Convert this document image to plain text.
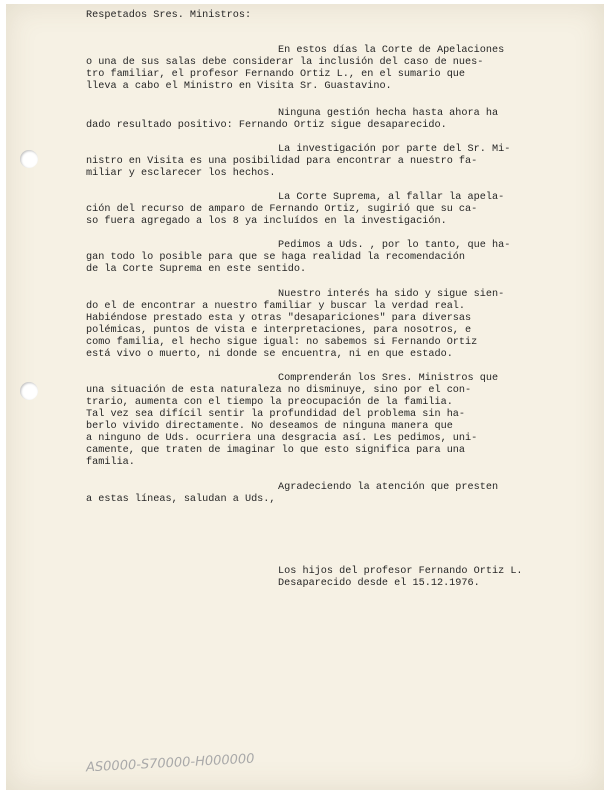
Respetados Sres. Ministros:
En estos días la Corte de Apelaciones
o una de sus salas debe considerar la inclusión del caso de nues-
tro familiar, el profesor Fernando Ortiz L., en el sumario que
lleva a cabo el Ministro en Visita Sr. Guastavino.
Ninguna gestión hecha hasta ahora ha
dado resultado positivo: Fernando Ortiz sigue desaparecido.
La investigación por parte del Sr. Mi-
nistro en Visita es una posibilidad para encontrar a nuestro fa-
miliar y esclarecer los hechos.
La Corte Suprema, al fallar la apela-
ción del recurso de amparo de Fernando Ortiz, sugirió que su ca-
so fuera agregado a los 8 ya incluídos en la investigación.
Pedimos a Uds. , por lo tanto, que ha-
gan todo lo posible para que se haga realidad la recomendación
de la Corte Suprema en este sentido.
Nuestro interés ha sido y sigue sien-
do el de encontrar a nuestro familiar y buscar la verdad real.
Habiéndose prestado esta y otras "desapariciones" para diversas
polémicas, puntos de vista e interpretaciones, para nosotros, e
como familia, el hecho sigue igual: no sabemos si Fernando Ortiz
está vivo o muerto, ni donde se encuentra, ni en que estado.
Comprenderán los Sres. Ministros que
una situación de esta naturaleza no disminuye, sino por el con-
trario, aumenta con el tiempo la preocupación de la familia.
Tal vez sea difícil sentir la profundidad del problema sin ha-
berlo vivido directamente. No deseamos de ninguna manera que
a ninguno de Uds. ocurriera una desgracia así. Les pedimos, uni-
camente, que traten de imaginar lo que esto significa para una
familia.
Agradeciendo la atención que presten
a estas líneas, saludan a Uds.,
Los hijos del profesor Fernando Ortiz L.
Desaparecido desde el 15.12.1976.
AS0000-S70000-H000000
